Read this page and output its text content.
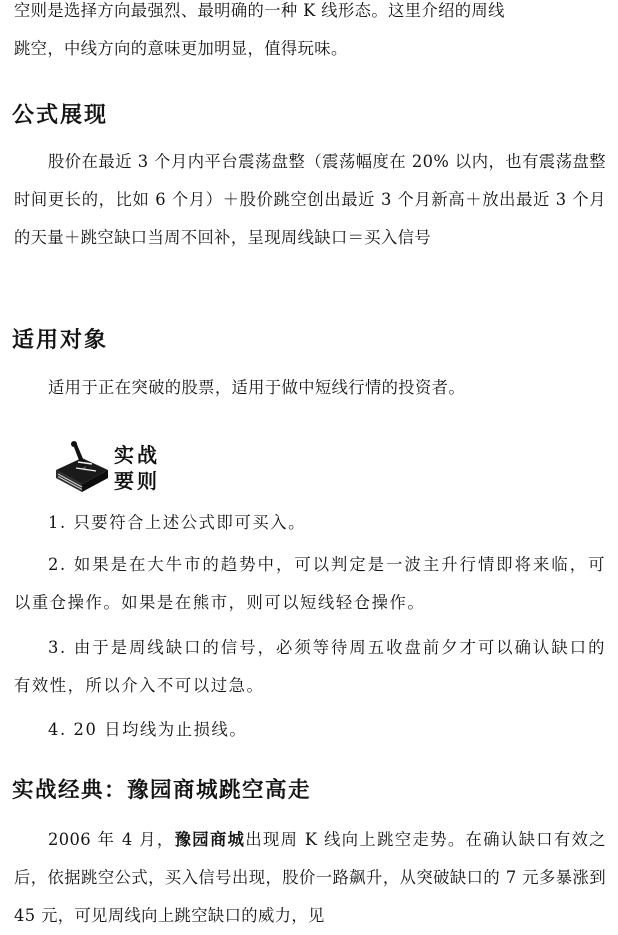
空则是选择方向最强烈、最明确的一种 K 线形态。这里介绍的周线

跳空，中线方向的意味更加明显，值得玩味。

公式展现

股价在最近 3 个月内平台震荡盘整（震荡幅度在 20% 以内，也有震荡盘整时间更长的，比如 6 个月）＋股价跳空创出最近 3 个月新高＋放出最近 3 个月的天量＋跳空缺口当周不回补，呈现周线缺口＝买入信号

适用对象

适用于正在突破的股票，适用于做中短线行情的投资者。

实战
要则

1. 只要符合上述公式即可买入。

2. 如果是在大牛市的趋势中，可以判定是一波主升行情即将来临，可以重仓操作。如果是在熊市，则可以短线轻仓操作。

3. 由于是周线缺口的信号，必须等待周五收盘前夕才可以确认缺口的有效性，所以介入不可以过急。

4. 20 日均线为止损线。

实战经典：豫园商城跳空高走

2006 年 4 月，豫园商城出现周 K 线向上跳空走势。在确认缺口有效之后，依据跳空公式，买入信号出现，股价一路飙升，从突破缺口的 7 元多暴涨到 45 元，可见周线向上跳空缺口的威力，见
